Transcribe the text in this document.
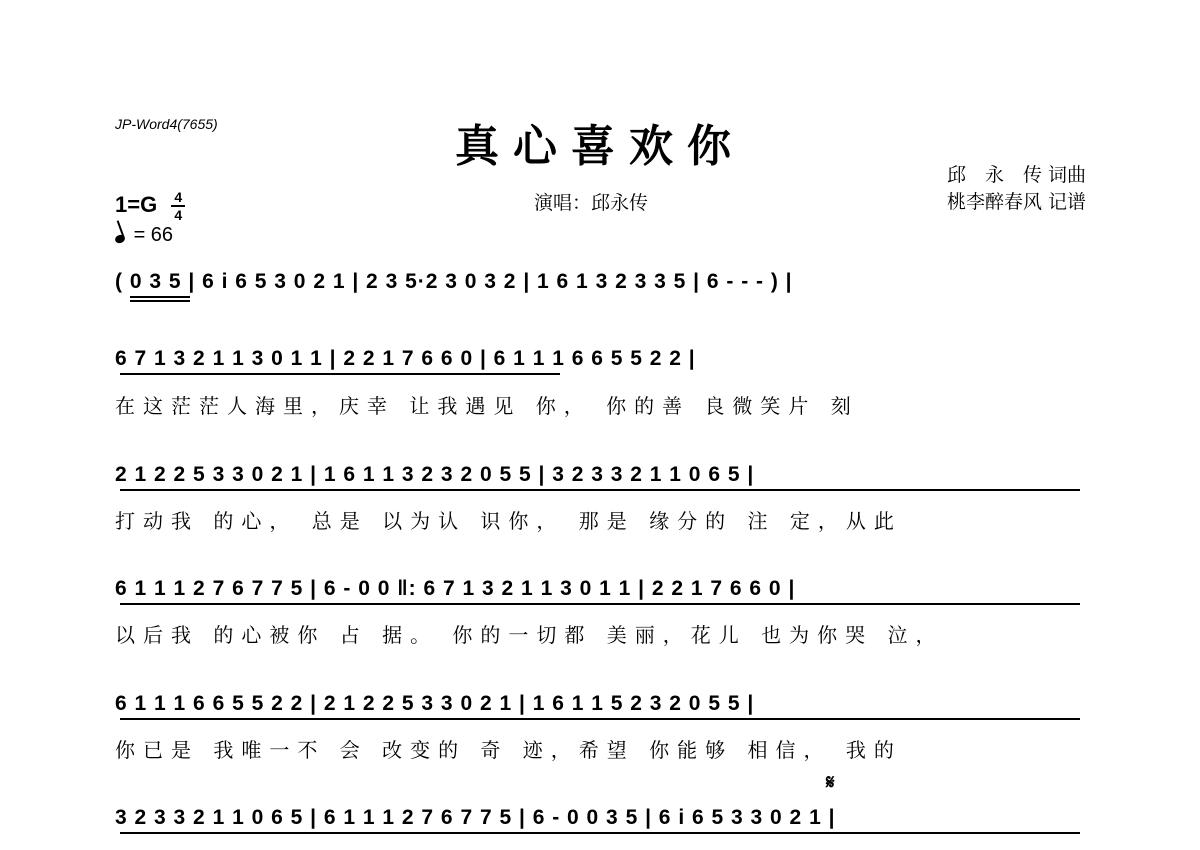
JP-Word4(7655)	真心喜欢你
演唱：邱永传
邱　永　传 词曲
桃李醉春风 记谱
$1=G \frac{4}{4}$
= 66
( 0 3 5 | 6 i 6 5 3 0 2 1 | 2 3 5·2 3 0 3 2 | 1 6 1 3 2 3 3 5 | 6 - - - ) |
6 7 1 3 2 1 1 3 0 1 1 | 2 2 1 7 6 6 0 | 6 1 1 1 6 6 5 5 2 2 |
在这茫茫人海里，庆幸 让我遇见 你， 你的善 良微笑片 刻
2 1 2 2 5 3 3 0 2 1 | 1 6 1 1 3 2 3 2 0 5 5 | 3 2 3 3 2 1 1 0 6 5 |
打动我 的心， 总是 以为认 识你， 那是 缘分的 注 定，从此
6 1 1 1 2 7 6 7 7 5 | 6 - 0 0 ‖: 6 7 1 3 2 1 1 3 0 1 1 | 2 2 1 7 6 6 0 |
以后我 的心被你 占 据。 你的一切都 美丽，花儿 也为你哭 泣，
6 1 1 1 6 6 5 5 2 2 | 2 1 2 2 5 3 3 0 2 1 | 1 6 1 1 5 2 3 2 0 5 5 |
你已是 我唯一不 会 改变的 奇 迹，希望 你能够 相信， 我的
𝄋
3 2 3 3 2 1 1 0 6 5 | 6 1 1 1 2 7 6 7 7 5 | 6 - 0 0 3 5 | 6 i 6 5 3 3 0 2 1 |
